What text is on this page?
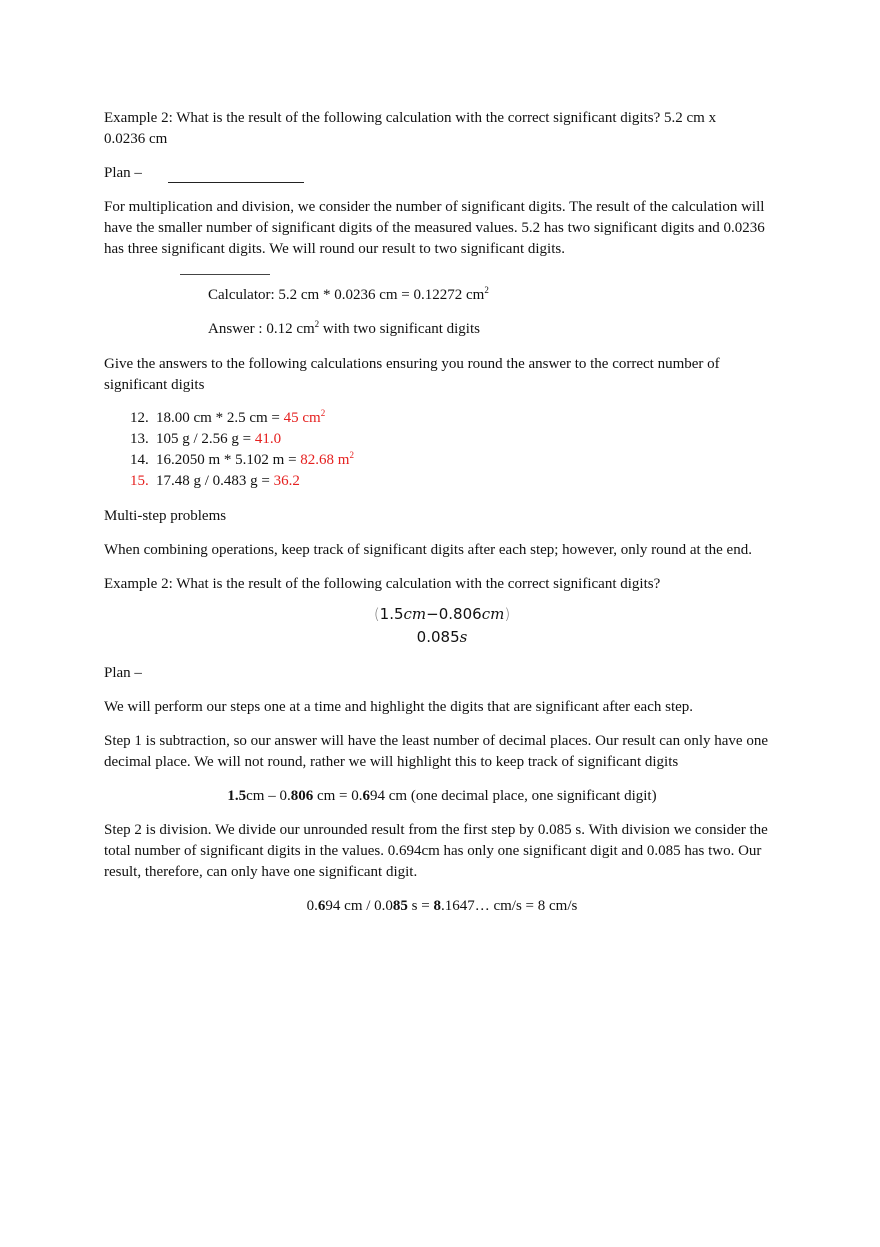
Example 2: What is the result of the following calculation with the correct significant digits? 5.2 cm x

0.0236 cm

Plan –

For multiplication and division, we consider the number of significant digits. The result of the calculation will have the smaller number of significant digits of the measured values. 5.2 has two significant digits and 0.0236 has three significant digits. We will round our result to two significant digits.

Calculator: 5.2 cm * 0.0236 cm = 0.12272 $cm^2$

Answer : 0.12 $cm^2$ with two significant digits

Give the answers to the following calculations ensuring you round the answer to the correct number of significant digits

12. 18.00 cm * 2.5 cm = 45 $cm^2$
13. 105 g / 2.56 g = 41.0
14. 16.2050 m * 5.102 m = 82.68 $m^2$
15. 17.48 g / 0.483 g = 36.2

Multi-step problems

When combining operations, keep track of significant digits after each step; however, only round at the end.

Example 2: What is the result of the following calculation with the correct significant digits?

(1.5cm−0.806cm)
0.085s

Plan –

We will perform our steps one at a time and highlight the digits that are significant after each step.

Step 1 is subtraction, so our answer will have the least number of decimal places. Our result can only have one decimal place. We will not round, rather we will highlight this to keep track of significant digits

1.5cm – 0.806 cm = 0.694 cm (one decimal place, one significant digit)

Step 2 is division. We divide our unrounded result from the first step by 0.085 s. With division we consider the total number of significant digits in the values. 0.694cm has only one significant digit and 0.085 has two. Our result, therefore, can only have one significant digit.

0.694 cm / 0.085 s = 8.1647… cm/s = 8 cm/s
